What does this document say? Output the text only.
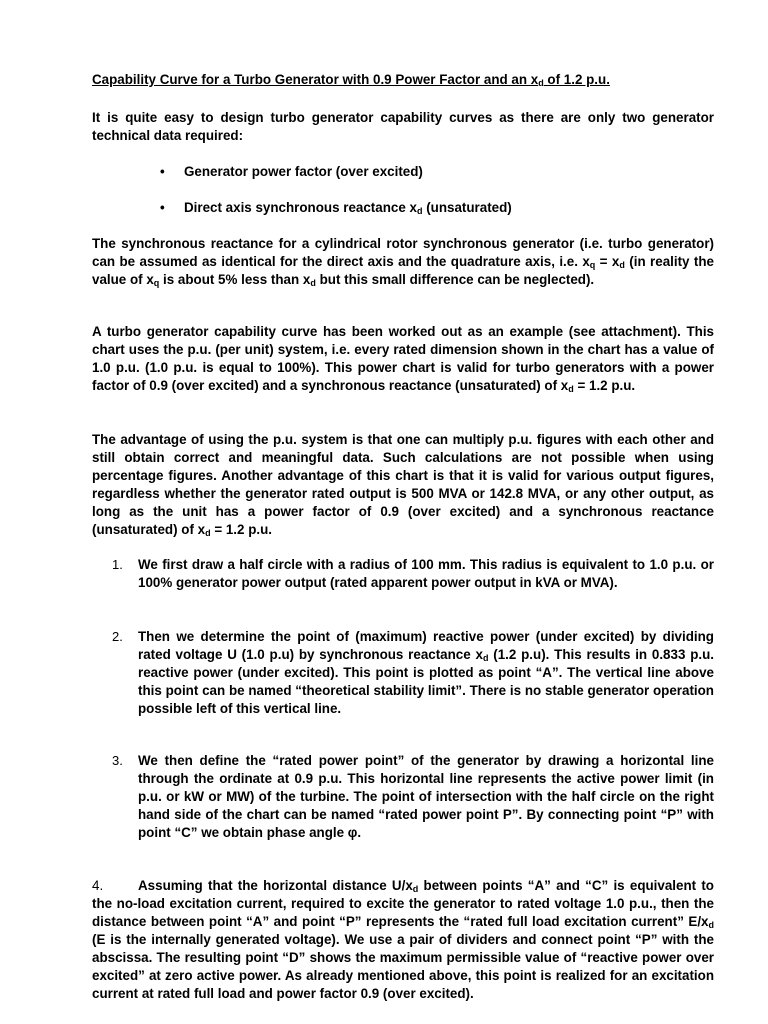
Capability Curve for a Turbo Generator with 0.9 Power Factor and an $x_d$ of 1.2 p.u.
It is quite easy to design turbo generator capability curves as there are only two generator technical data required:
• Generator power factor (over excited)
• Direct axis synchronous reactance $x_d$ (unsaturated)
The synchronous reactance for a cylindrical rotor synchronous generator (i.e. turbo generator) can be assumed as identical for the direct axis and the quadrature axis, i.e. $x_q = x_d$ (in reality the value of $x_q$ is about 5% less than $x_d$ but this small difference can be neglected).
A turbo generator capability curve has been worked out as an example (see attachment). This chart uses the p.u. (per unit) system, i.e. every rated dimension shown in the chart has a value of 1.0 p.u. (1.0 p.u. is equal to 100%). This power chart is valid for turbo generators with a power factor of 0.9 (over excited) and a synchronous reactance (unsaturated) of $x_d = 1.2$ p.u.
The advantage of using the p.u. system is that one can multiply p.u. figures with each other and still obtain correct and meaningful data. Such calculations are not possible when using percentage figures. Another advantage of this chart is that it is valid for various output figures, regardless whether the generator rated output is 500 MVA or 142.8 MVA, or any other output, as long as the unit has a power factor of 0.9 (over excited) and a synchronous reactance (unsaturated) of $x_d = 1.2$ p.u.
1. We first draw a half circle with a radius of 100 mm. This radius is equivalent to 1.0 p.u. or 100% generator power output (rated apparent power output in kVA or MVA).
2. Then we determine the point of (maximum) reactive power (under excited) by dividing rated voltage U (1.0 p.u) by synchronous reactance $x_d$ (1.2 p.u). This results in 0.833 p.u. reactive power (under excited). This point is plotted as point “A”. The vertical line above this point can be named “theoretical stability limit”. There is no stable generator operation possible left of this vertical line.
3. We then define the “rated power point” of the generator by drawing a horizontal line through the ordinate at 0.9 p.u. This horizontal line represents the active power limit (in p.u. or kW or MW) of the turbine. The point of intersection with the half circle on the right hand side of the chart can be named “rated power point P”. By connecting point “P” with point “C” we obtain phase angle φ.
4.	Assuming that the horizontal distance $U/x_d$ between points “A” and “C” is equivalent to the no-load excitation current, required to excite the generator to rated voltage 1.0 p.u., then the distance between point “A” and point “P” represents the “rated full load excitation current” $E/x_d$ (E is the internally generated voltage). We use a pair of dividers and connect point “P” with the abscissa. The resulting point “D” shows the maximum permissible value of “reactive power over excited” at zero active power. As already mentioned above, this point is realized for an excitation current at rated full load and power factor 0.9 (over excited).
